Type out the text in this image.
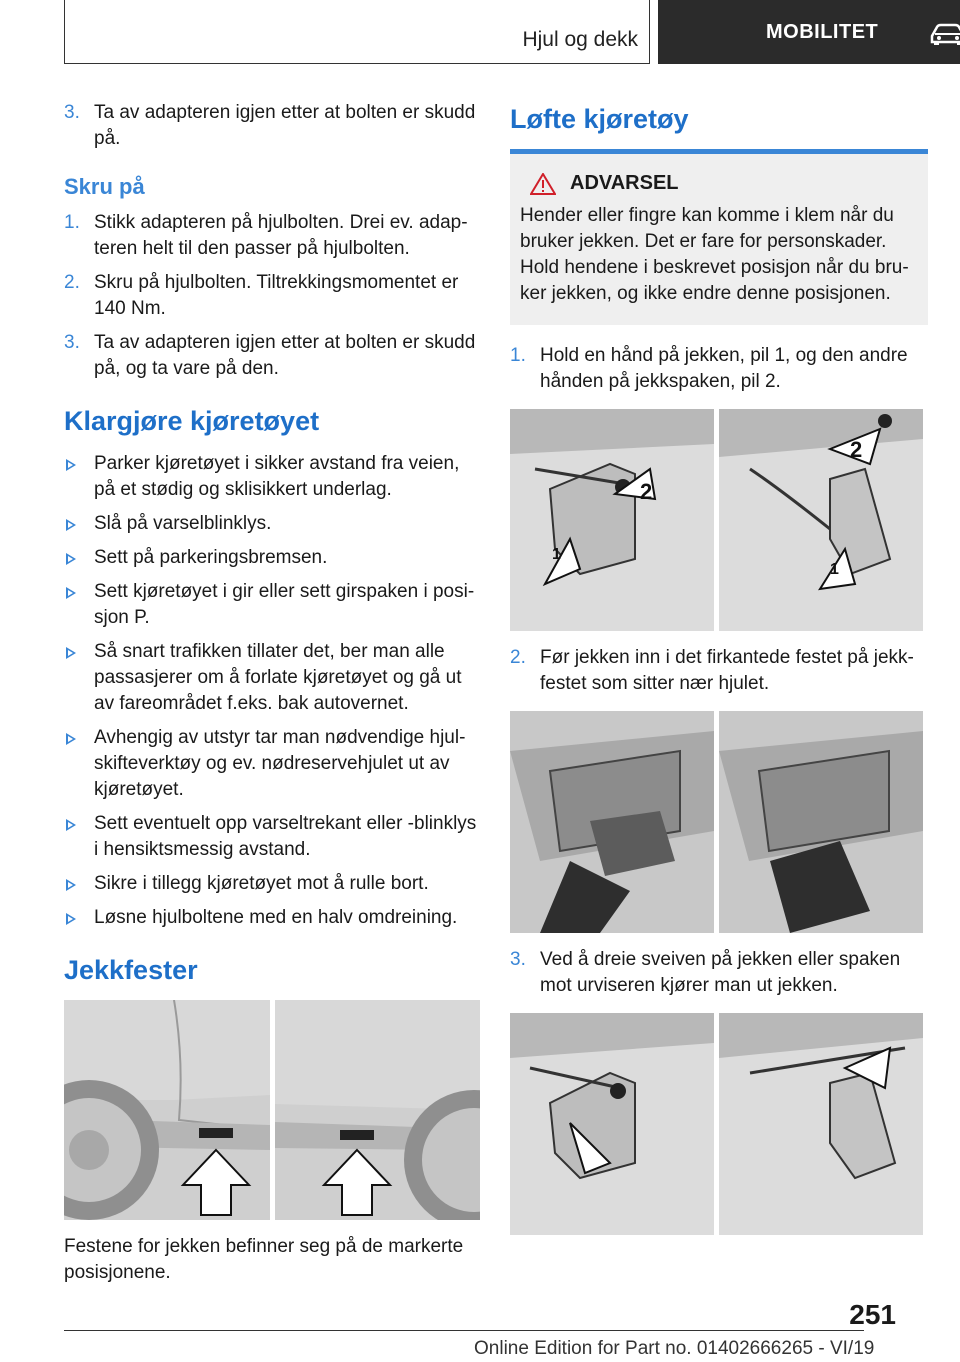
Hjul og dekk	MOBILITET
3. Ta av adapteren igjen etter at bolten er skudd på.
Skru på
1. Stikk adapteren på hjulbolten. Drei ev. adapteren helt til den passer på hjulbolten.
2. Skru på hjulbolten. Tiltrekkingsmomentet er 140 Nm.
3. Ta av adapteren igjen etter at bolten er skudd på, og ta vare på den.
Klargjøre kjøretøyet
Parker kjøretøyet i sikker avstand fra veien, på et stødig og sklisikkert underlag.
Slå på varselblinklys.
Sett på parkeringsbremsen.
Sett kjøretøyet i gir eller sett girspaken i posisjon P.
Så snart trafikken tillater det, ber man alle passasjerer om å forlate kjøretøyet og gå ut av fareområdet f.eks. bak autovernet.
Avhengig av utstyr tar man nødvendige hjulskifteverktøy og ev. nødreservehjulet ut av kjøretøyet.
Sett eventuelt opp varseltrekant eller -blinklys i hensiktsmessig avstand.
Sikre i tillegg kjøretøyet mot å rulle bort.
Løsne hjulboltene med en halv omdreining.
Jekkfester
Festene for jekken befinner seg på de markerte posisjonene.
Løfte kjøretøy
ADVARSEL
Hender eller fingre kan komme i klem når du bruker jekken. Det er fare for personskader. Hold hendene i beskrevet posisjon når du bruker jekken, og ikke endre denne posisjonen.
1. Hold en hånd på jekken, pil 1, og den andre hånden på jekkspaken, pil 2.
2
1
2
1
2. Før jekken inn i det firkantede festet på jekkfestet som sitter nær hjulet.
3. Ved å dreie sveiven på jekken eller spaken mot urviseren kjører man ut jekken.
251
Online Edition for Part no. 01402666265 - VI/19
